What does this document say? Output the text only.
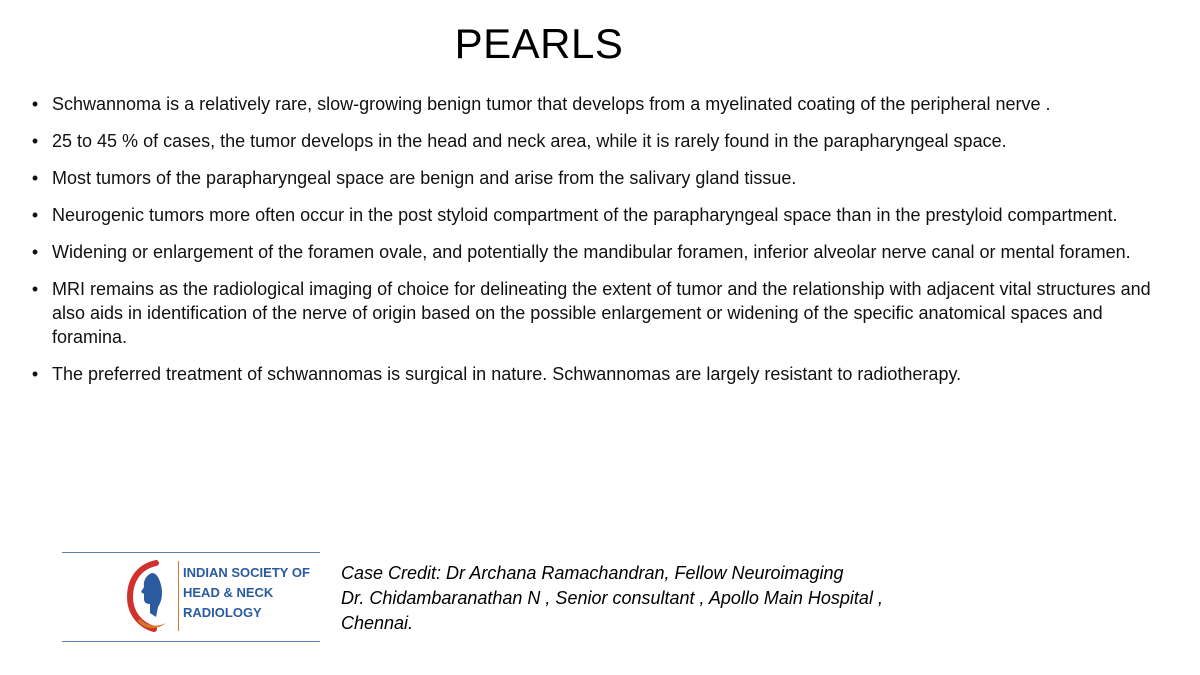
PEARLS
• Schwannoma is a relatively rare, slow-growing benign tumor that develops from a myelinated coating of the peripheral nerve .
• 25 to 45 % of cases, the tumor develops in the head and neck area, while it is rarely found in the parapharyngeal space.
• Most tumors of the parapharyngeal space are benign and arise from the salivary gland tissue.
• Neurogenic tumors more often occur in the post styloid compartment of the parapharyngeal space than in the prestyloid compartment.
• Widening or enlargement of the foramen ovale, and potentially the mandibular foramen, inferior alveolar nerve canal or mental foramen.
• MRI remains as the radiological imaging of choice for delineating the extent of tumor and the relationship with adjacent vital structures and also aids in identification of the nerve of origin based on the possible enlargement or widening of the specific anatomical spaces and foramina.
• The preferred treatment of schwannomas is surgical in nature. Schwannomas are largely resistant to radiotherapy.
INDIAN SOCIETY OF
HEAD & NECK
RADIOLOGY
Case Credit: Dr Archana Ramachandran, Fellow Neuroimaging
Dr. Chidambaranathan N , Senior consultant , Apollo Main Hospital ,
Chennai.
